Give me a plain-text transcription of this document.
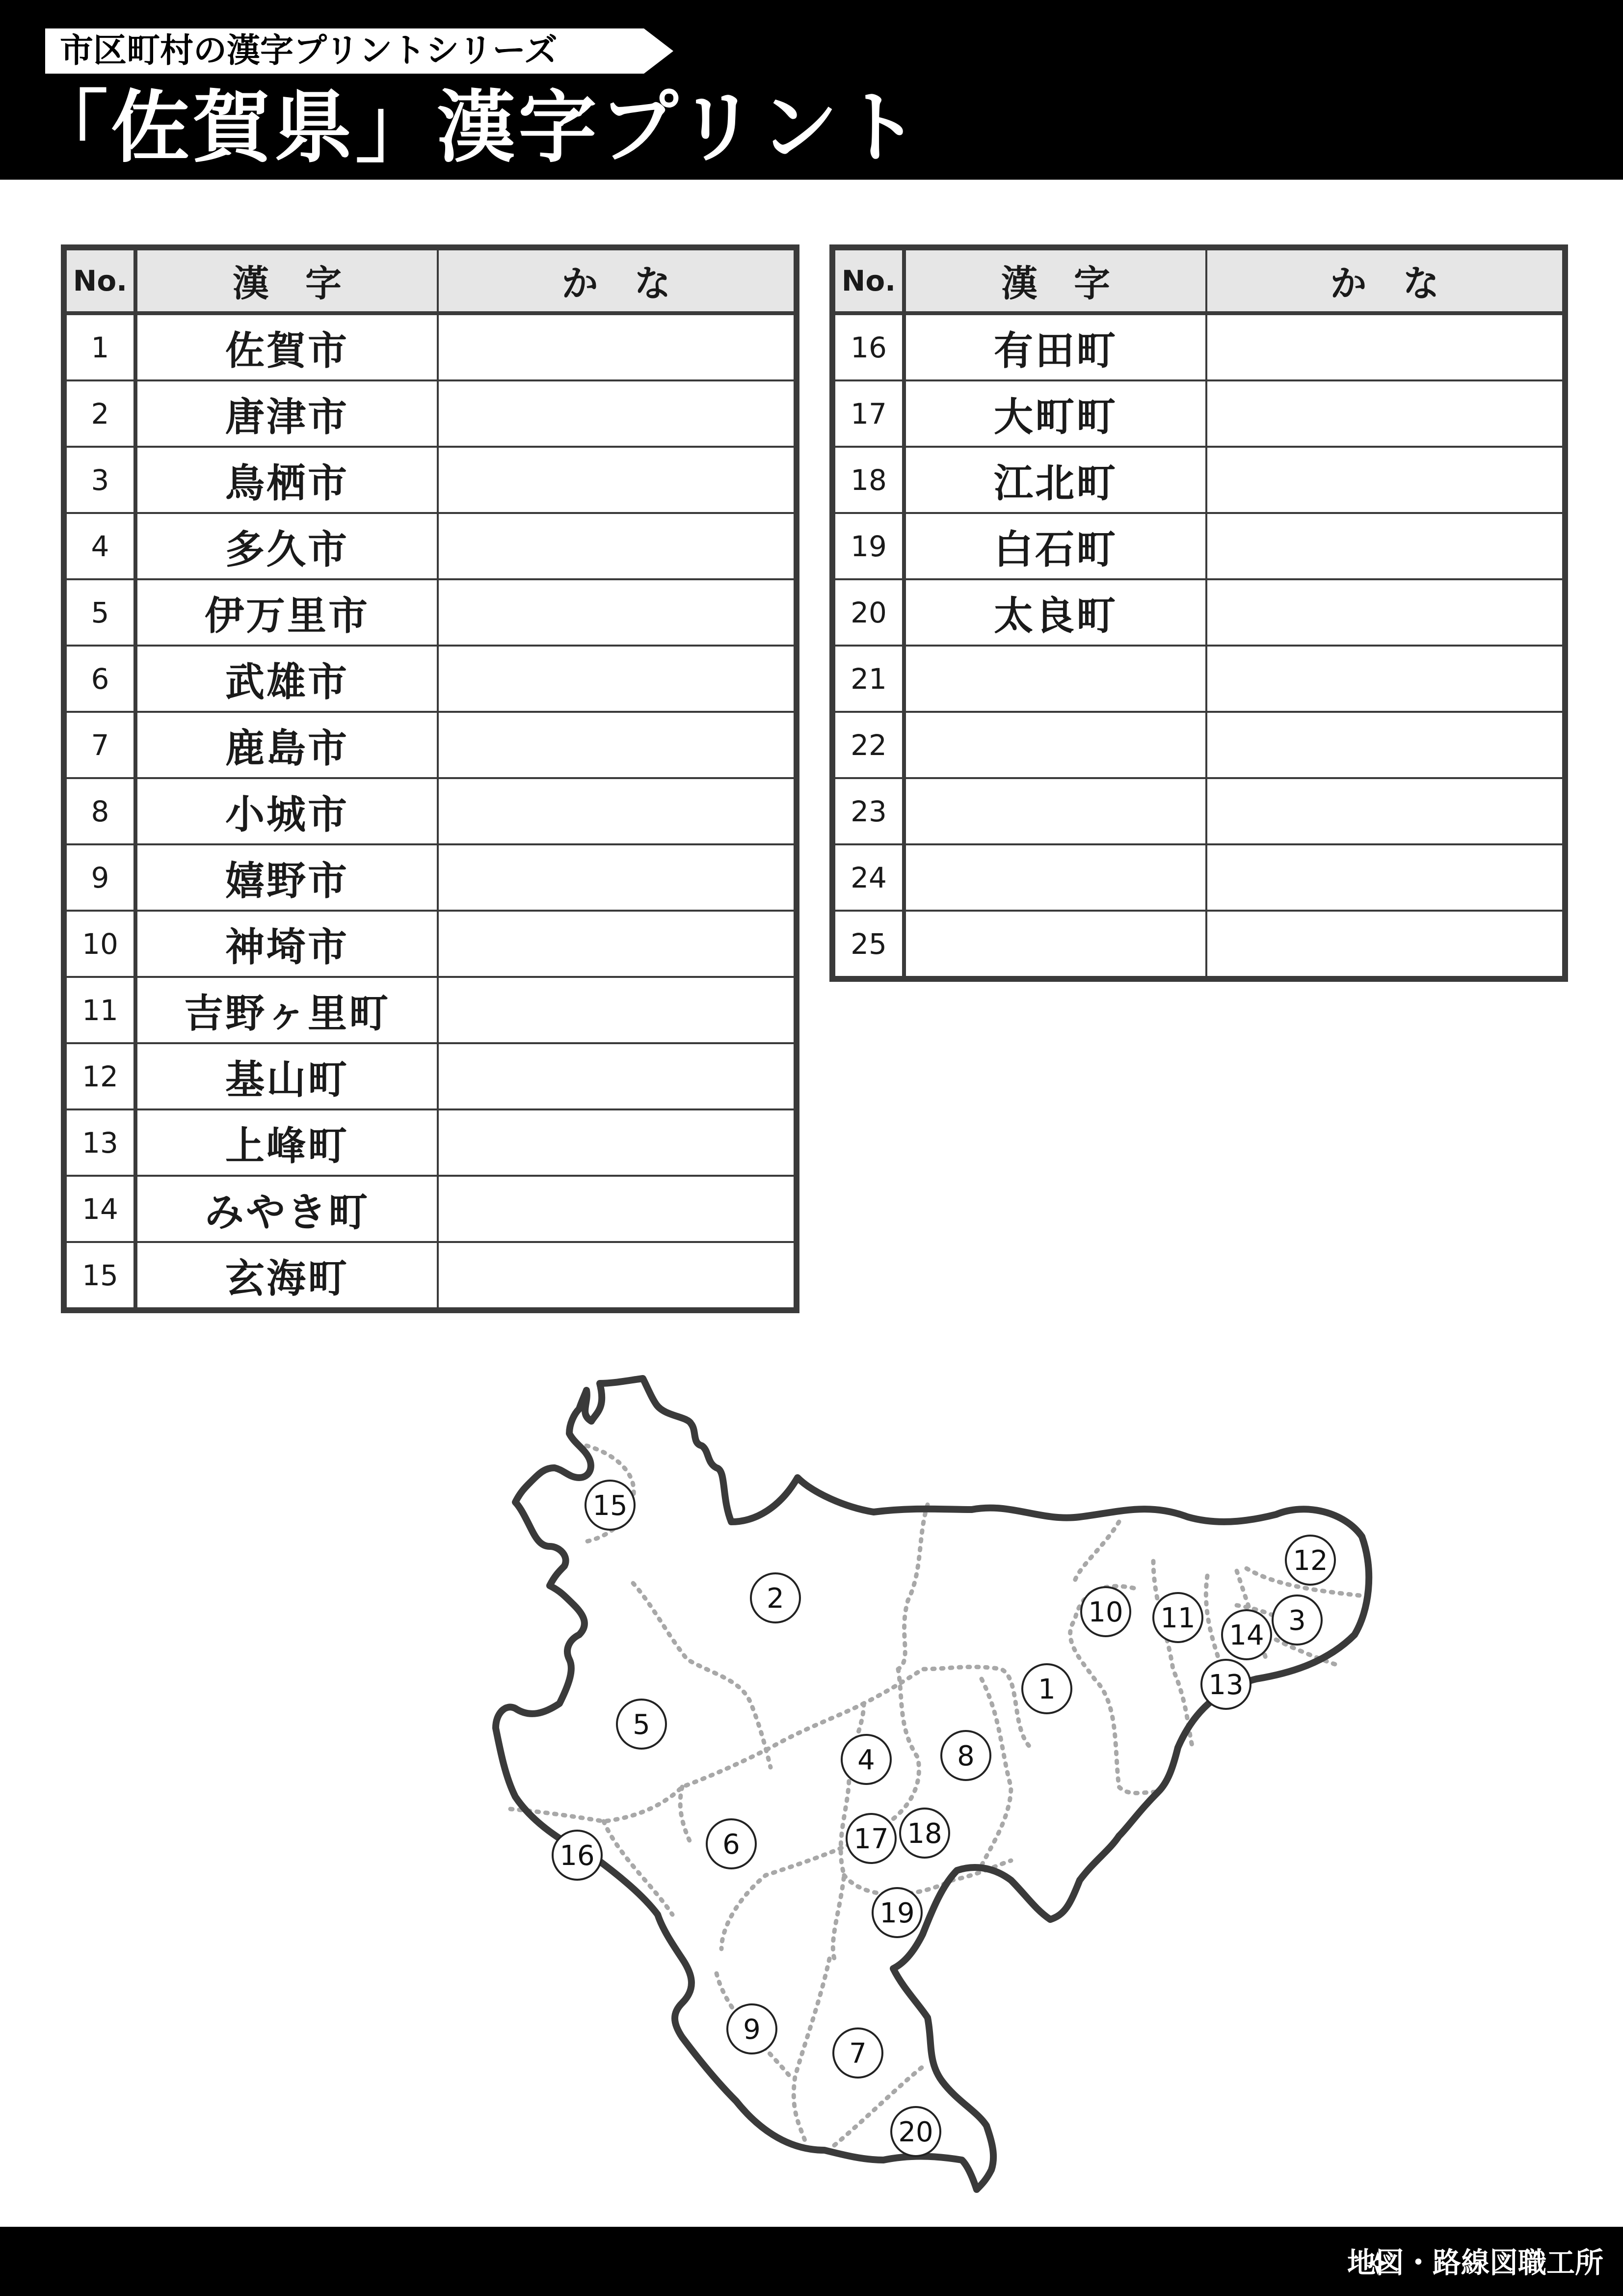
市区町村の漢字プリントシリーズ
「佐賀県」漢字プリント
No.	漢　字	か　な
1	佐賀市	
2	唐津市	
3	鳥栖市	
4	多久市	
5	伊万里市	
6	武雄市	
7	鹿島市	
8	小城市	
9	嬉野市	
10	神埼市	
11	吉野ヶ里町	
12	基山町	
13	上峰町	
14	みやき町	
15	玄海町	
No.	漢　字	か　な
16	有田町	
17	大町町	
18	江北町	
19	白石町	
20	太良町	
21		
22		
23		
24		
25		
1
2
3
4
5
6
7
8
9
10 11
12
13
14
15
16
17 18
19
20
地図・路線図職工所
